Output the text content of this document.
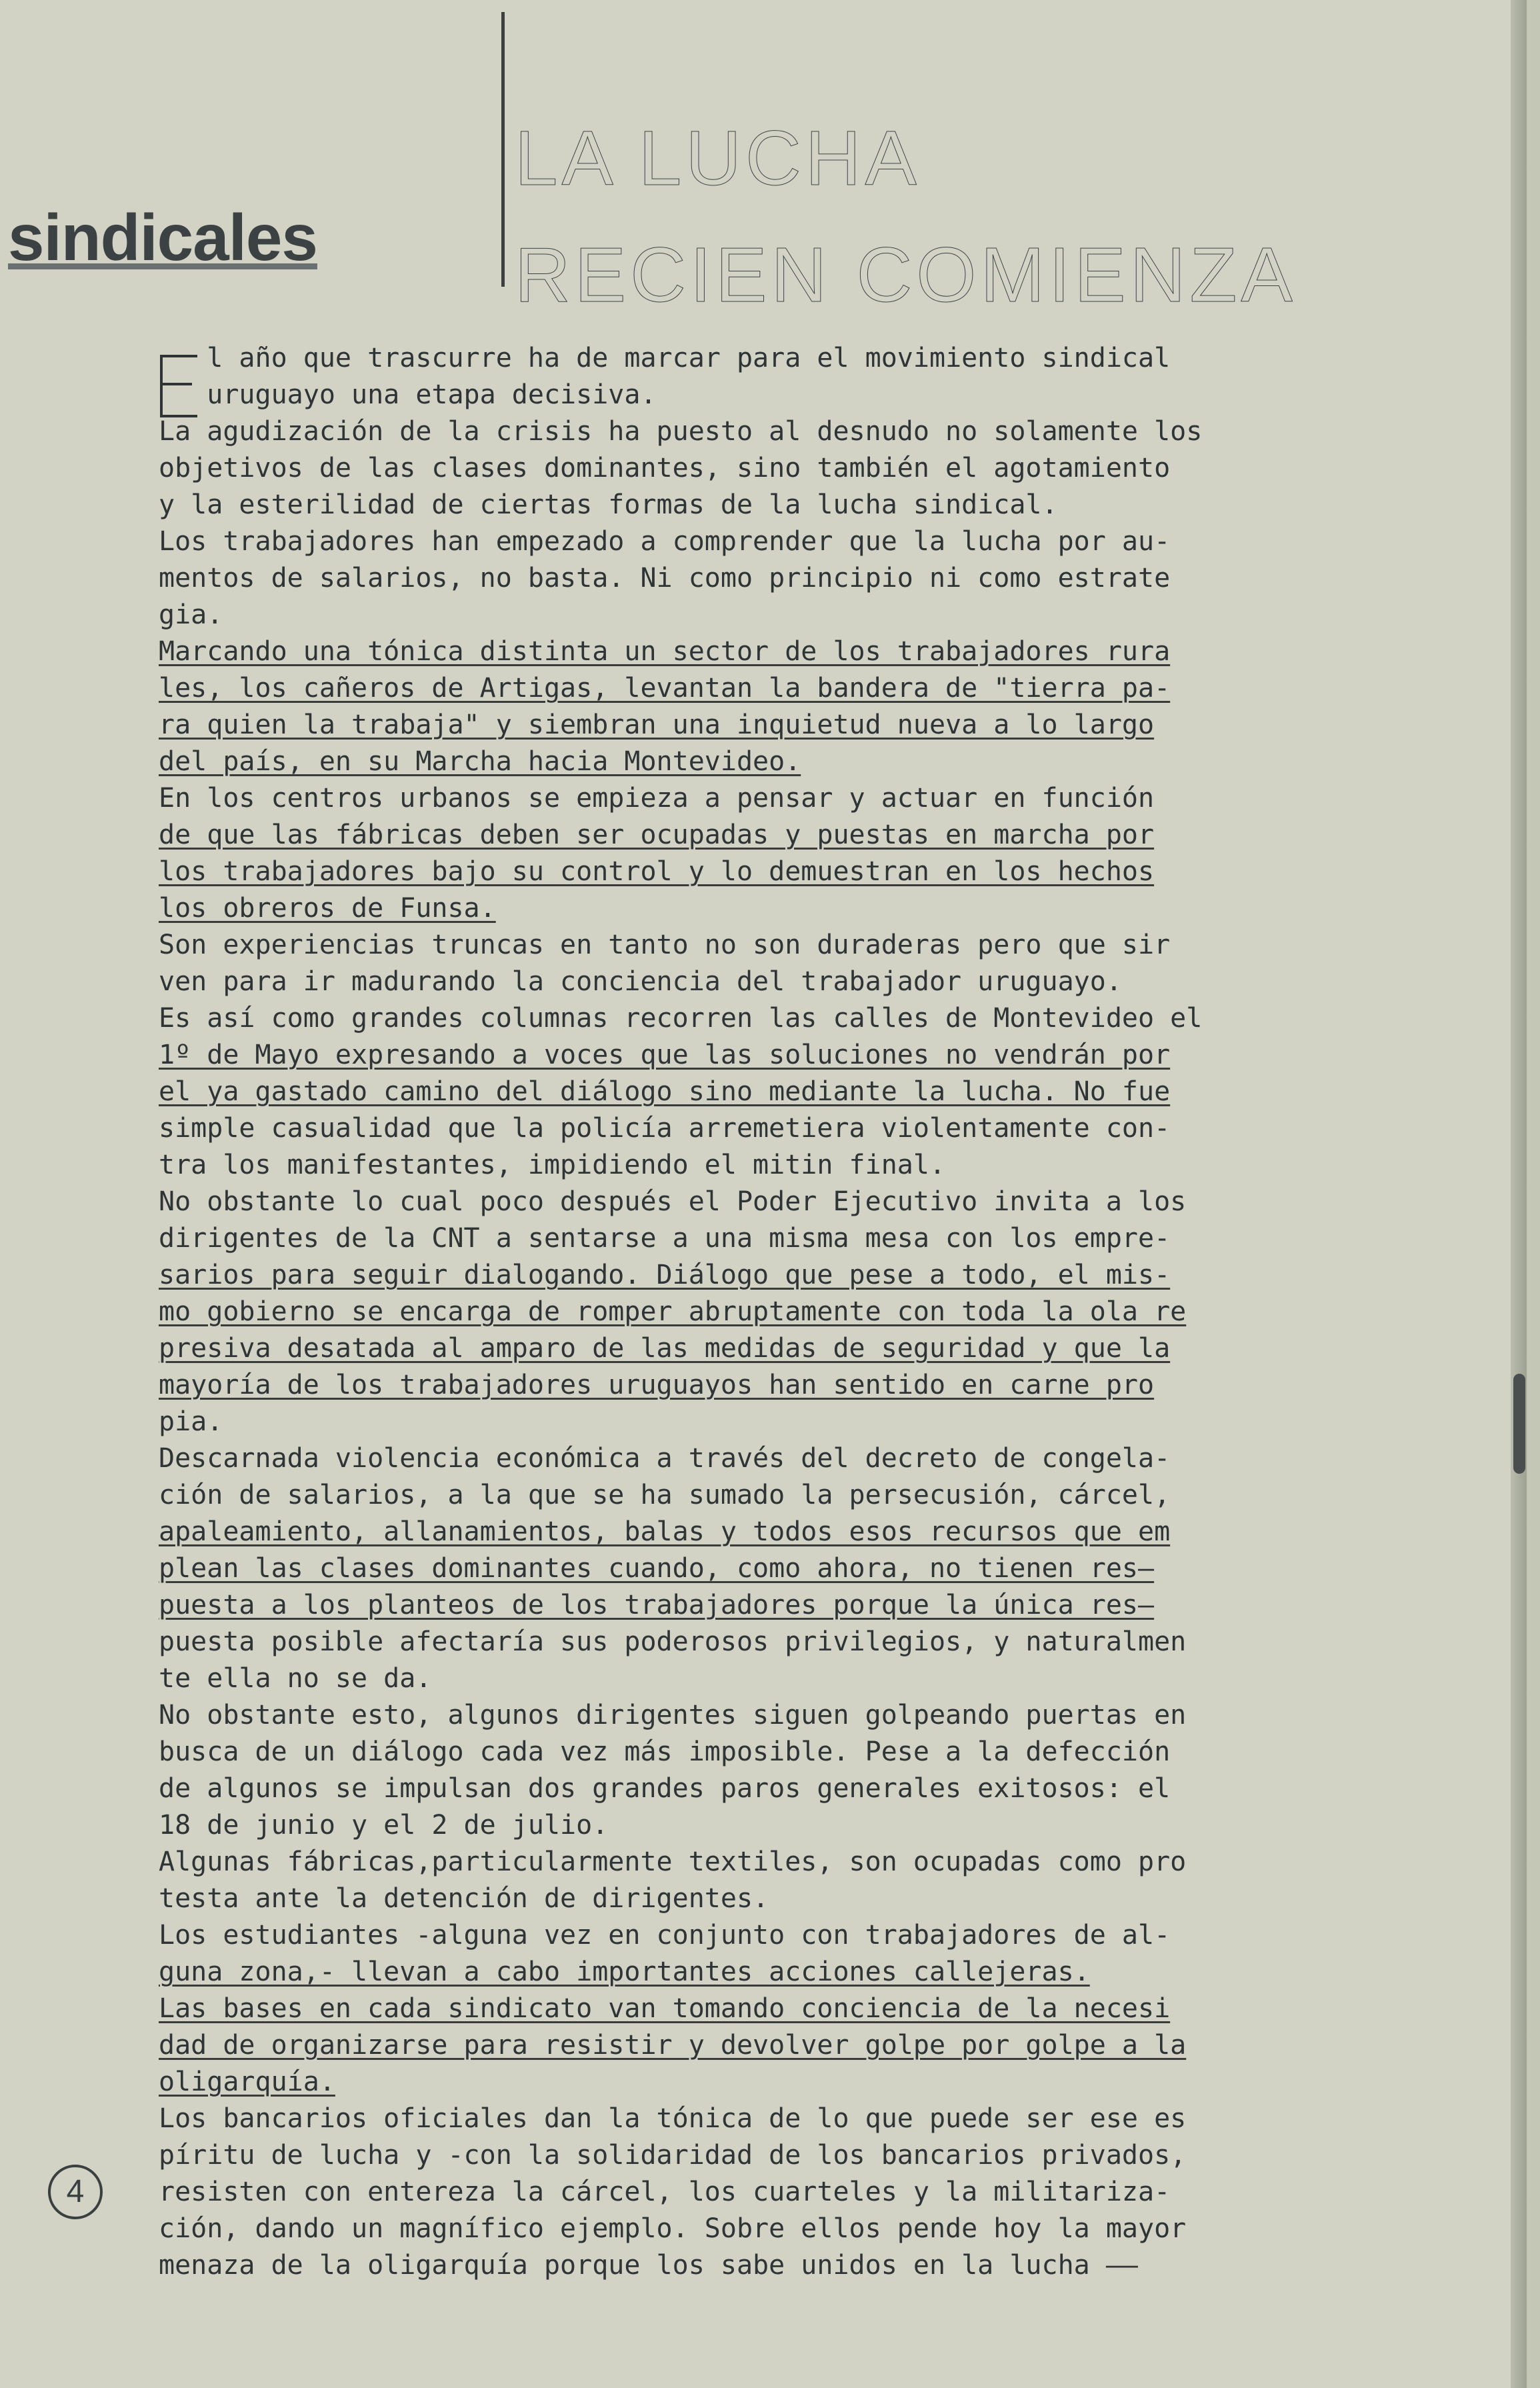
sindicales
LA LUCHA
RECIEN COMIENZA

l año que trascurre ha de marcar para el movimiento sindical

uruguayo una etapa decisiva.

La agudización de la crisis ha puesto al desnudo no solamente los

objetivos de las clases dominantes, sino también el agotamiento

y la esterilidad de ciertas formas de la lucha sindical.

Los trabajadores han empezado a comprender que la lucha por au-

mentos de salarios, no basta. Ni como principio ni como estrate

gia.

Marcando una tónica distinta un sector de los trabajadores rura

les, los cañeros de Artigas, levantan la bandera de "tierra pa-

ra quien la trabaja" y siembran una inquietud nueva a lo largo

del país, en su Marcha hacia Montevideo.

En los centros urbanos se empieza a pensar y actuar en función

de que las fábricas deben ser ocupadas y puestas en marcha por

los trabajadores bajo su control y lo demuestran en los hechos

los obreros de Funsa.

Son experiencias truncas en tanto no son duraderas pero que sir

ven para ir madurando la conciencia del trabajador uruguayo.

Es así como grandes columnas recorren las calles de Montevideo el

1º de Mayo expresando a voces que las soluciones no vendrán por

el ya gastado camino del diálogo sino mediante la lucha. No fue

simple casualidad que la policía arremetiera violentamente con-

tra los manifestantes, impidiendo el mitin final.

No obstante lo cual poco después el Poder Ejecutivo invita a los

dirigentes de la CNT a sentarse a una misma mesa con los empre-

sarios para seguir dialogando. Diálogo que pese a todo, el mis-

mo gobierno se encarga de romper abruptamente con toda la ola re

presiva desatada al amparo de las medidas de seguridad y que la

mayoría de los trabajadores uruguayos han sentido en carne pro

pia.

Descarnada violencia económica a través del decreto de congela-

ción de salarios, a la que se ha sumado la persecusión, cárcel,

apaleamiento, allanamientos, balas y todos esos recursos que em

plean las clases dominantes cuando, como ahora, no tienen res—

puesta a los planteos de los trabajadores porque la única res—

puesta posible afectaría sus poderosos privilegios, y naturalmen

te ella no se da.

No obstante esto, algunos dirigentes siguen golpeando puertas en

busca de un diálogo cada vez más imposible. Pese a la defección

de algunos se impulsan dos grandes paros generales exitosos: el

18 de junio y el 2 de julio.

Algunas fábricas,particularmente textiles, son ocupadas como pro

testa ante la detención de dirigentes.

Los estudiantes -alguna vez en conjunto con trabajadores de al-

guna zona,- llevan a cabo importantes acciones callejeras.

Las bases en cada sindicato van tomando conciencia de la necesi

dad de organizarse para resistir y devolver golpe por golpe a la

oligarquía.

Los bancarios oficiales dan la tónica de lo que puede ser ese es

píritu de lucha y -con la solidaridad de los bancarios privados,

resisten con entereza la cárcel, los cuarteles y la militariza-

ción, dando un magnífico ejemplo. Sobre ellos pende hoy la mayor

menaza de la oligarquía porque los sabe unidos en la lucha ——

4
